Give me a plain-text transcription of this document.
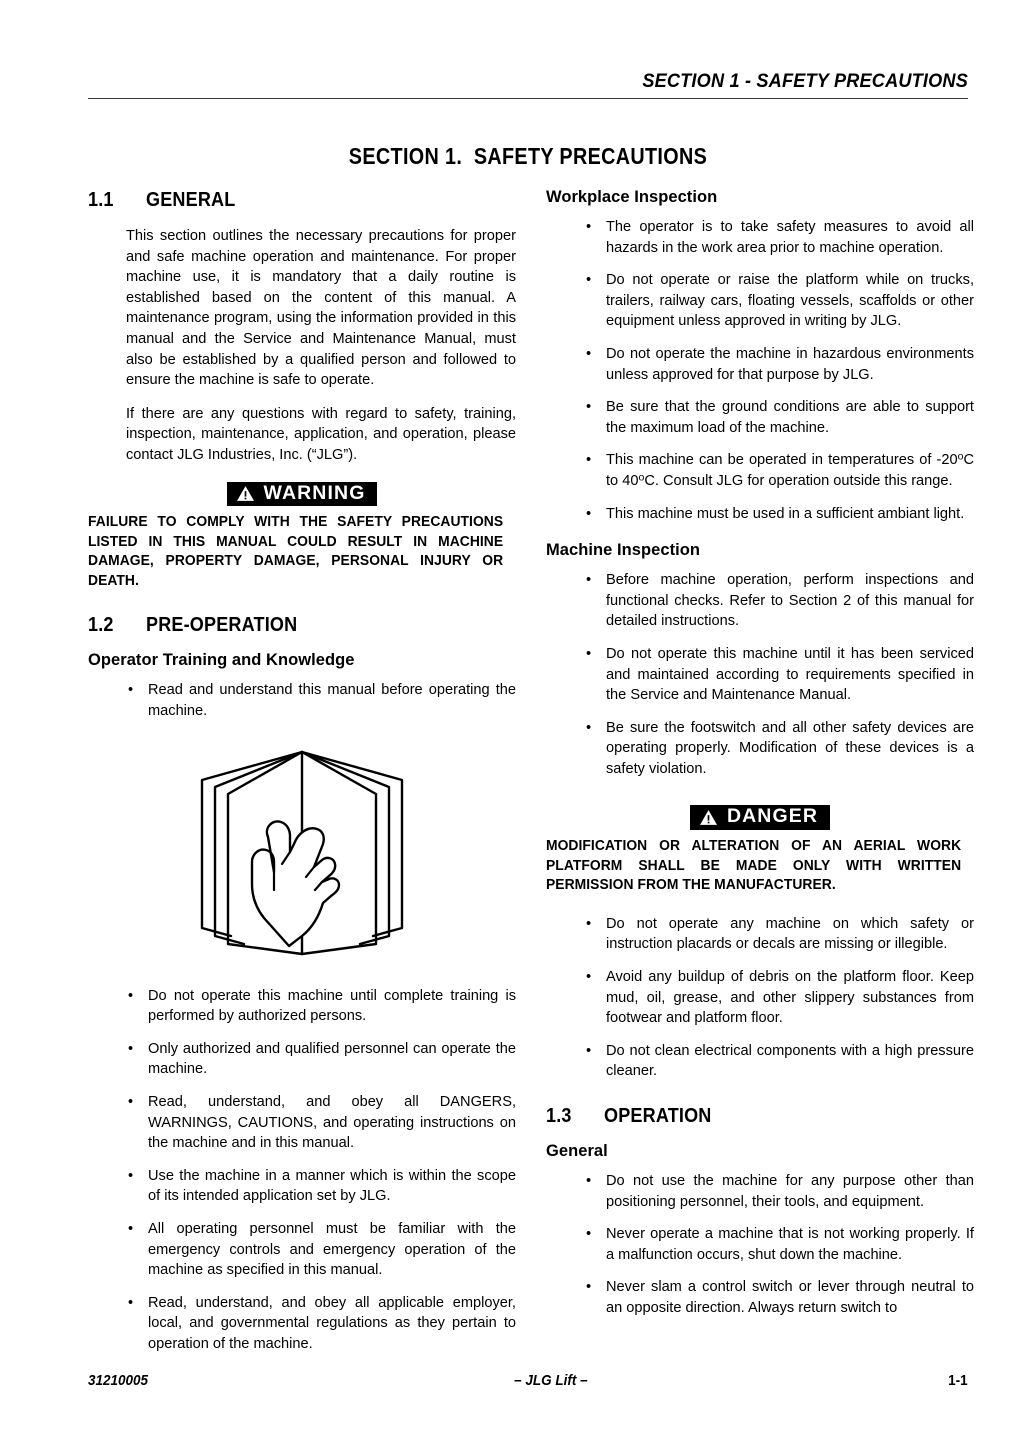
SECTION 1 - SAFETY PRECAUTIONS
SECTION 1.  SAFETY PRECAUTIONS
1.1	GENERAL

This section outlines the necessary precautions for proper and safe machine operation and maintenance. For proper machine use, it is mandatory that a daily routine is established based on the content of this manual. A maintenance program, using the information provided in this manual and the Service and Maintenance Manual, must also be established by a qualified person and followed to ensure the machine is safe to operate.

If there are any questions with regard to safety, training, inspection, maintenance, application, and operation, please contact JLG Industries, Inc. (“JLG”).

WARNING
FAILURE TO COMPLY WITH THE SAFETY PRECAUTIONS LISTED IN THIS MANUAL COULD RESULT IN MACHINE DAMAGE, PROPERTY DAMAGE, PERSONAL INJURY OR DEATH.
1.2	PRE-OPERATION
Operator Training and Knowledge
• Read and understand this manual before operating the machine.
• Do not operate this machine until complete training is performed by authorized persons.
• Only authorized and qualified personnel can operate the machine.
• Read, understand, and obey all DANGERS, WARNINGS, CAUTIONS, and operating instructions on the machine and in this manual.
• Use the machine in a manner which is within the scope of its intended application set by JLG.
• All operating personnel must be familiar with the emergency controls and emergency operation of the machine as specified in this manual.
• Read, understand, and obey all applicable employer, local, and governmental regulations as they pertain to operation of the machine.
Workplace Inspection
• The operator is to take safety measures to avoid all hazards in the work area prior to machine operation.
• Do not operate or raise the platform while on trucks, trailers, railway cars, floating vessels, scaffolds or other equipment unless approved in writing by JLG.
• Do not operate the machine in hazardous environments unless approved for that purpose by JLG.
• Be sure that the ground conditions are able to support the maximum load of the machine.
• This machine can be operated in temperatures of -20$^o$C to 40$^o$C. Consult JLG for operation outside this range.
• This machine must be used in a sufficient ambiant light.
Machine Inspection
• Before machine operation, perform inspections and functional checks. Refer to Section 2 of this manual for detailed instructions.
• Do not operate this machine until it has been serviced and maintained according to requirements specified in the Service and Maintenance Manual.
• Be sure the footswitch and all other safety devices are operating properly. Modification of these devices is a safety violation.
DANGER
MODIFICATION OR ALTERATION OF AN AERIAL WORK PLATFORM SHALL BE MADE ONLY WITH WRITTEN PERMISSION FROM THE MANUFACTURER.
• Do not operate any machine on which safety or instruction placards or decals are missing or illegible.
• Avoid any buildup of debris on the platform floor. Keep mud, oil, grease, and other slippery substances from footwear and platform floor.
• Do not clean electrical components with a high pressure cleaner.
1.3	OPERATION
General
• Do not use the machine for any purpose other than positioning personnel, their tools, and equipment.
• Never operate a machine that is not working properly. If a malfunction occurs, shut down the machine.
• Never slam a control switch or lever through neutral to an opposite direction. Always return switch to
31210005	– JLG Lift –	1-1
